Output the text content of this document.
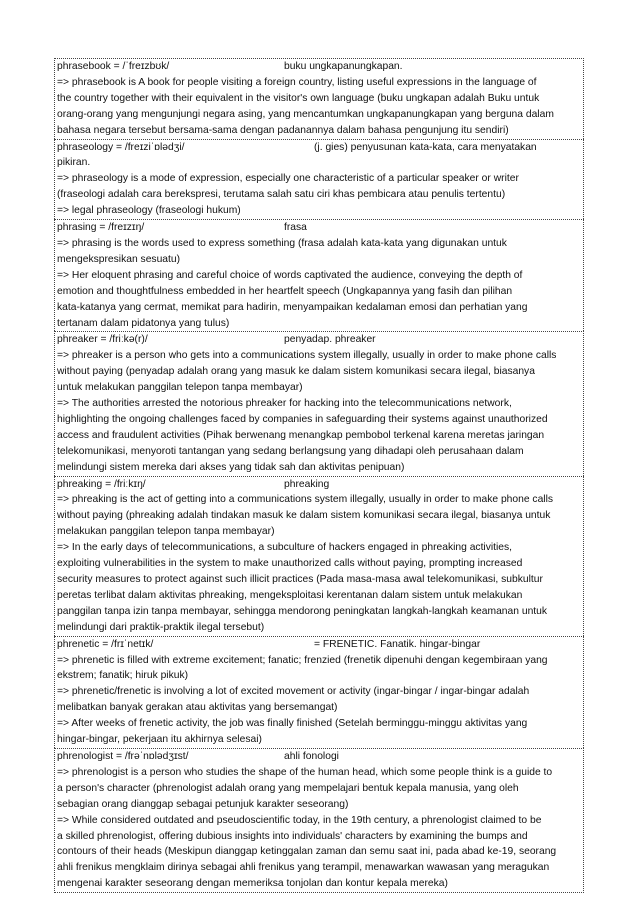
phrasebook = /ˈfreɪzbʊk/	buku ungkapanungkapan.
=> phrasebook is A book for people visiting a foreign country, listing useful expressions in the language of
the country together with their equivalent in the visitor's own language (buku ungkapan adalah Buku untuk
orang-orang yang mengunjungi negara asing, yang mencantumkan ungkapanungkapan yang berguna dalam
bahasa negara tersebut bersama-sama dengan padanannya dalam bahasa pengunjung itu sendiri)
phraseology = /freɪziˈɒlədʒi/	(j. gies) penyusunan kata-kata, cara menyatakan
pikiran.
=> phraseology is a mode of expression, especially one characteristic of a particular speaker or writer
(fraseologi adalah cara berekspresi, terutama salah satu ciri khas pembicara atau penulis tertentu)
=> legal phraseology (fraseologi hukum)
phrasing = /freɪzɪŋ/	frasa
=> phrasing is the words used to express something (frasa adalah kata-kata yang digunakan untuk
mengekspresikan sesuatu)
=> Her eloquent phrasing and careful choice of words captivated the audience, conveying the depth of
emotion and thoughtfulness embedded in her heartfelt speech (Ungkapannya yang fasih dan pilihan
kata-katanya yang cermat, memikat para hadirin, menyampaikan kedalaman emosi dan perhatian yang
tertanam dalam pidatonya yang tulus)
phreaker = /friːkə(r)/	penyadap. phreaker
=> phreaker is a person who gets into a communications system illegally, usually in order to make phone calls
without paying (penyadap adalah orang yang masuk ke dalam sistem komunikasi secara ilegal, biasanya
untuk melakukan panggilan telepon tanpa membayar)
=> The authorities arrested the notorious phreaker for hacking into the telecommunications network,
highlighting the ongoing challenges faced by companies in safeguarding their systems against unauthorized
access and fraudulent activities (Pihak berwenang menangkap pembobol terkenal karena meretas jaringan
telekomunikasi, menyoroti tantangan yang sedang berlangsung yang dihadapi oleh perusahaan dalam
melindungi sistem mereka dari akses yang tidak sah dan aktivitas penipuan)
phreaking = /friːkɪŋ/	phreaking
=> phreaking is the act of getting into a communications system illegally, usually in order to make phone calls
without paying (phreaking adalah tindakan masuk ke dalam sistem komunikasi secara ilegal, biasanya untuk
melakukan panggilan telepon tanpa membayar)
=> In the early days of telecommunications, a subculture of hackers engaged in phreaking activities,
exploiting vulnerabilities in the system to make unauthorized calls without paying, prompting increased
security measures to protect against such illicit practices (Pada masa-masa awal telekomunikasi, subkultur
peretas terlibat dalam aktivitas phreaking, mengeksploitasi kerentanan dalam sistem untuk melakukan
panggilan tanpa izin tanpa membayar, sehingga mendorong peningkatan langkah-langkah keamanan untuk
melindungi dari praktik-praktik ilegal tersebut)
phrenetic = /frɪˈnetɪk/	= FRENETIC. Fanatik. hingar-bingar
=> phrenetic is filled with extreme excitement; fanatic; frenzied (frenetik dipenuhi dengan kegembiraan yang
ekstrem; fanatik; hiruk pikuk)
=> phrenetic/frenetic is involving a lot of excited movement or activity (ingar-bingar / ingar-bingar adalah
melibatkan banyak gerakan atau aktivitas yang bersemangat)
=> After weeks of frenetic activity, the job was finally finished (Setelah berminggu-minggu aktivitas yang
hingar-bingar, pekerjaan itu akhirnya selesai)
phrenologist = /frəˈnɒlədʒɪst/	ahli fonologi
=> phrenologist is a person who studies the shape of the human head, which some people think is a guide to
a person's character (phrenologist adalah orang yang mempelajari bentuk kepala manusia, yang oleh
sebagian orang dianggap sebagai petunjuk karakter seseorang)
=> While considered outdated and pseudoscientific today, in the 19th century, a phrenologist claimed to be
a skilled phrenologist, offering dubious insights into individuals' characters by examining the bumps and
contours of their heads (Meskipun dianggap ketinggalan zaman dan semu saat ini, pada abad ke-19, seorang
ahli frenikus mengklaim dirinya sebagai ahli frenikus yang terampil, menawarkan wawasan yang meragukan
mengenai karakter seseorang dengan memeriksa tonjolan dan kontur kepala mereka)
